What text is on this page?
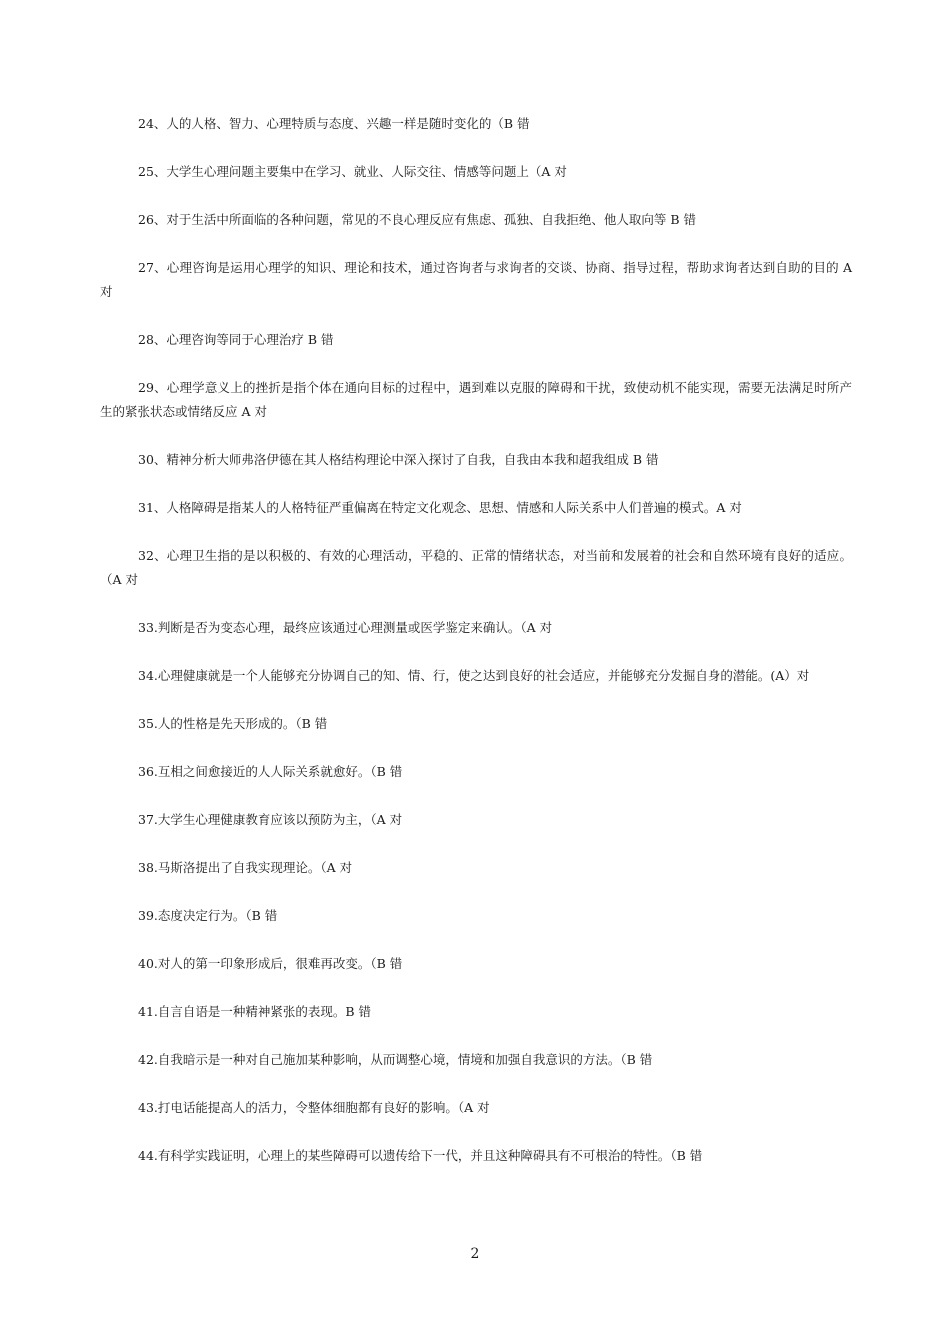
24、人的人格、智力、心理特质与态度、兴趣一样是随时变化的（B 错

25、大学生心理问题主要集中在学习、就业、人际交往、情感等问题上（A 对

26、对于生活中所面临的各种问题，常见的不良心理反应有焦虑、孤独、自我拒绝、他人取向等 B 错

27、心理咨询是运用心理学的知识、理论和技术，通过咨询者与求询者的交谈、协商、指导过程，帮助求询者达到自助的目的 A 对

28、心理咨询等同于心理治疗 B 错

29、心理学意义上的挫折是指个体在通向目标的过程中，遇到难以克服的障碍和干扰，致使动机不能实现，需要无法满足时所产生的紧张状态或情绪反应 A 对

30、精神分析大师弗洛伊德在其人格结构理论中深入探讨了自我，自我由本我和超我组成 B 错

31、人格障碍是指某人的人格特征严重偏离在特定文化观念、思想、情感和人际关系中人们普遍的模式。A 对

32、心理卫生指的是以积极的、有效的心理活动，平稳的、正常的情绪状态，对当前和发展着的社会和自然环境有良好的适应。（A 对

33.判断是否为变态心理，最终应该通过心理测量或医学鉴定来确认。（A 对

34.心理健康就是一个人能够充分协调自己的知、情、行，使之达到良好的社会适应，并能够充分发掘自身的潜能。(A）对

35.人的性格是先天形成的。（B 错

36.互相之间愈接近的人人际关系就愈好。（B 错

37.大学生心理健康教育应该以预防为主，（A 对

38.马斯洛提出了自我实现理论。（A 对

39.态度决定行为。（B 错

40.对人的第一印象形成后，很难再改变。（B 错

41.自言自语是一种精神紧张的表现。B 错

42.自我暗示是一种对自己施加某种影响，从而调整心境，情境和加强自我意识的方法。（B 错

43.打电话能提高人的活力，令整体细胞都有良好的影响。（A 对

44.有科学实践证明，心理上的某些障碍可以遗传给下一代，并且这种障碍具有不可根治的特性。（B 错

2
